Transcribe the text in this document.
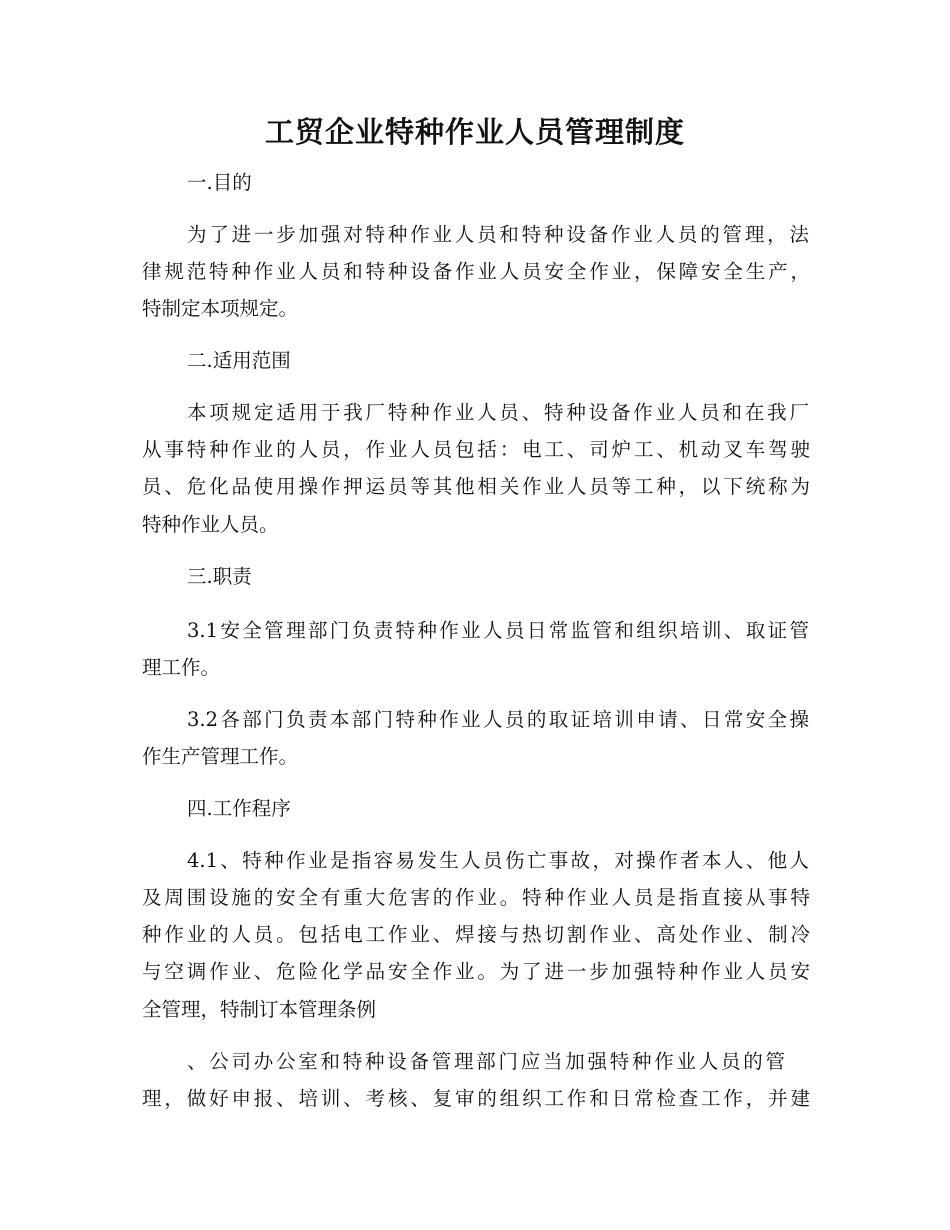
工贸企业特种作业人员管理制度

一.目的

为了进一步加强对特种作业人员和特种设备作业人员的管理，法

律规范特种作业人员和特种设备作业人员安全作业，保障安全生产，

特制定本项规定。

二.适用范围

本项规定适用于我厂特种作业人员、特种设备作业人员和在我厂

从事特种作业的人员，作业人员包括：电工、司炉工、机动叉车驾驶

员、危化品使用操作押运员等其他相关作业人员等工种，以下统称为

特种作业人员。

三.职责

3.1安全管理部门负责特种作业人员日常监管和组织培训、取证管

理工作。

3.2各部门负责本部门特种作业人员的取证培训申请、日常安全操

作生产管理工作。

四.工作程序

4.1、特种作业是指容易发生人员伤亡事故，对操作者本人、他人

及周围设施的安全有重大危害的作业。特种作业人员是指直接从事特

种作业的人员。包括电工作业、焊接与热切割作业、高处作业、制冷

与空调作业、危险化学品安全作业。为了进一步加强特种作业人员安

全管理，特制订本管理条例

、公司办公室和特种设备管理部门应当加强特种作业人员的管

理，做好申报、培训、考核、复审的组织工作和日常检查工作，并建
